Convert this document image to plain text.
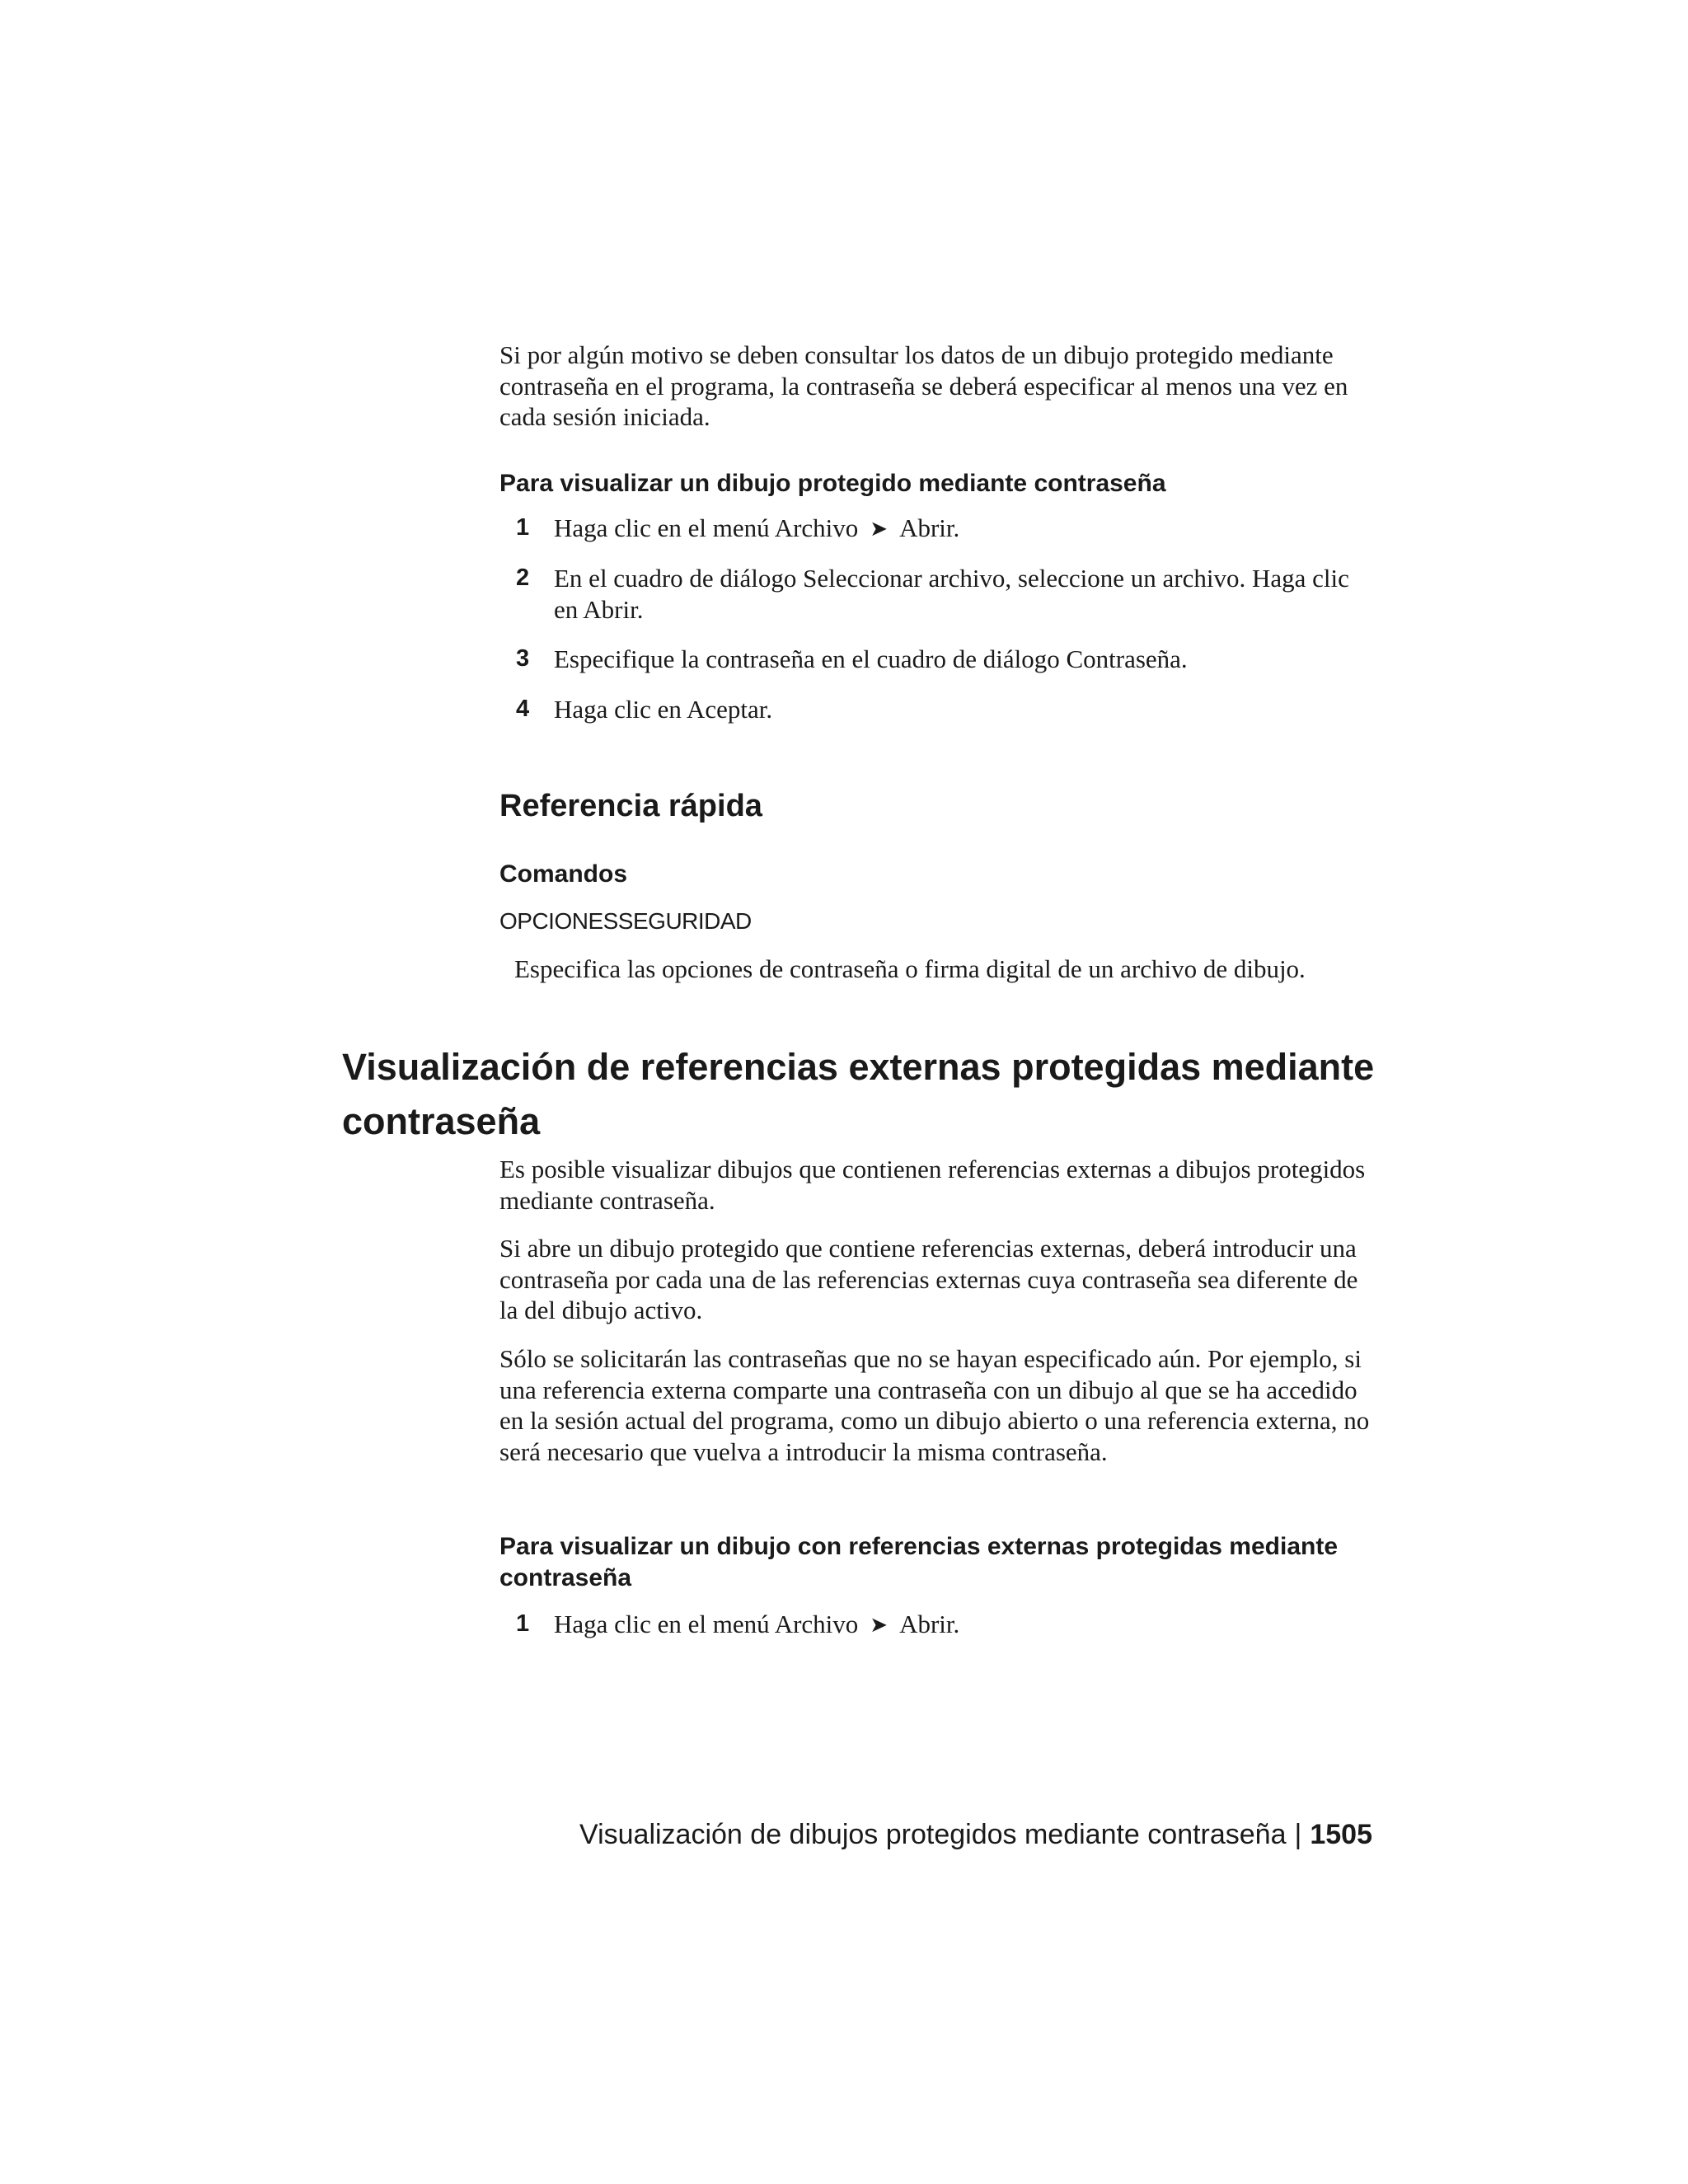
Si por algún motivo se deben consultar los datos de un dibujo protegido mediante contraseña en el programa, la contraseña se deberá especificar al menos una vez en cada sesión iniciada.

Para visualizar un dibujo protegido mediante contraseña
1 Haga clic en el menú Archivo ➤ Abrir.
2 En el cuadro de diálogo Seleccionar archivo, seleccione un archivo. Haga clic en Abrir.
3 Especifique la contraseña en el cuadro de diálogo Contraseña.
4 Haga clic en Aceptar.
Referencia rápida
Comandos
OPCIONESSEGURIDAD
Especifica las opciones de contraseña o firma digital de un archivo de dibujo.
Visualización de referencias externas protegidas mediante contraseña

Es posible visualizar dibujos que contienen referencias externas a dibujos protegidos mediante contraseña.

Si abre un dibujo protegido que contiene referencias externas, deberá introducir una contraseña por cada una de las referencias externas cuya contraseña sea diferente de la del dibujo activo.

Sólo se solicitarán las contraseñas que no se hayan especificado aún. Por ejemplo, si una referencia externa comparte una contraseña con un dibujo al que se ha accedido en la sesión actual del programa, como un dibujo abierto o una referencia externa, no será necesario que vuelva a introducir la misma contraseña.

Para visualizar un dibujo con referencias externas protegidas mediante contraseña
1 Haga clic en el menú Archivo ➤ Abrir.
Visualización de dibujos protegidos mediante contraseña | 1505
